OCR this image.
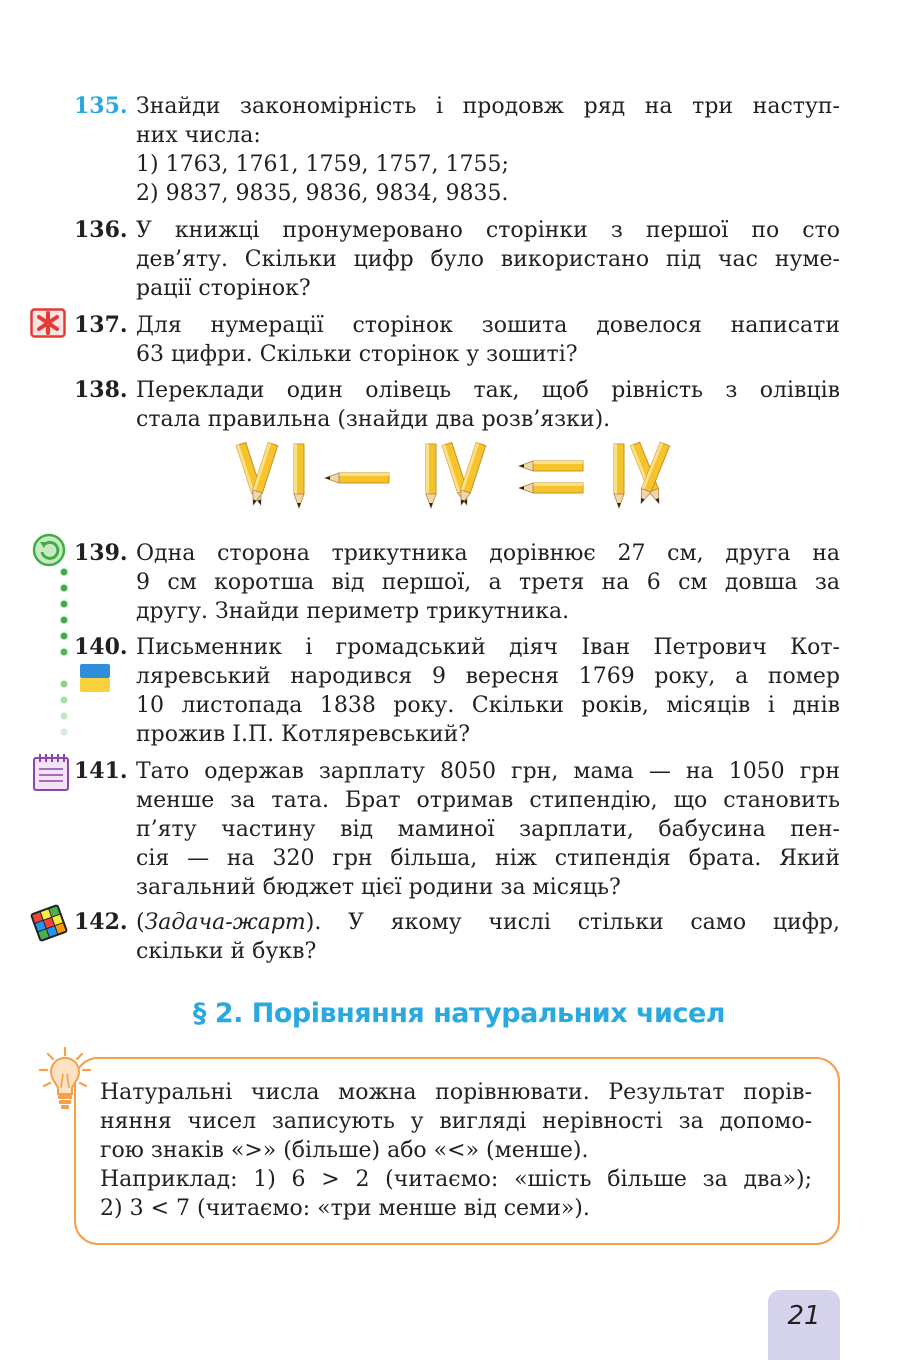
135. Знайди закономірність і продовж ряд на три наступ-
них числа:
1) 1763, 1761, 1759, 1757, 1755;
2) 9837, 9835, 9836, 9834, 9835.
136. У книжці пронумеровано сторінки з першої по сто
дев’яту. Скільки цифр було використано під час нуме-
рації сторінок?
137. Для нумерації сторінок зошита довелося написати
63 цифри. Скільки сторінок у зошиті?
138. Переклади один олівець так, щоб рівність з олівців
стала правильна (знайди два розв’язки).
139. Одна сторона трикутника дорівнює 27 см, друга на
9 см коротша від першої, а третя на 6 см довша за
другу. Знайди периметр трикутника.
140. Письменник і громадський діяч Іван Петрович Кот-
ляревський народився 9 вересня 1769 року, а помер
10 листопада 1838 року. Скільки років, місяців і днів
прожив І.П. Котляревський?
141. Тато одержав зарплату 8050 грн, мама — на 1050 грн
менше за тата. Брат отримав стипендію, що становить
п’яту частину від маминої зарплати, бабусина пен-
сія — на 320 грн більша, ніж стипендія брата. Який
загальний бюджет цієї родини за місяць?
142. (Задача-жарт). У якому числі стільки само цифр,
скільки й букв?
§ 2. Порівняння натуральних чисел
Натуральні числа можна порівнювати. Результат порів-
няння чисел записують у вигляді нерівності за допомо-
гою знаків «>» (більше) або «<» (менше).
Наприклад: 1) 6 > 2 (читаємо: «шість більше за два»);
2) 3 < 7 (читаємо: «три менше від семи»).
21
